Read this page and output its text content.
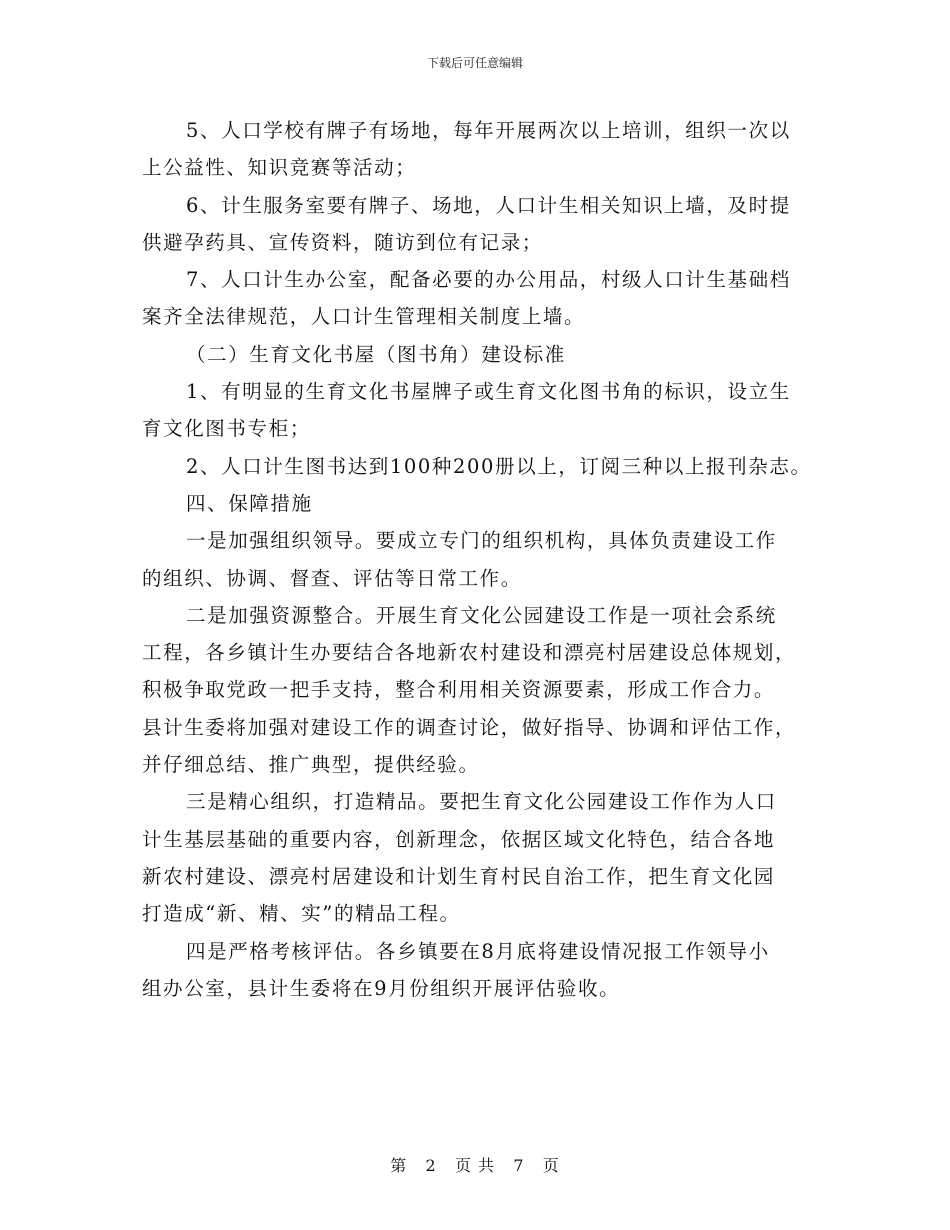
下载后可任意编辑

5、人口学校有牌子有场地，每年开展两次以上培训，组织一次以

上公益性、知识竞赛等活动；

6、计生服务室要有牌子、场地，人口计生相关知识上墙，及时提

供避孕药具、宣传资料，随访到位有记录；

7、人口计生办公室，配备必要的办公用品，村级人口计生基础档

案齐全法律规范，人口计生管理相关制度上墙。

（二）生育文化书屋（图书角）建设标准

1、有明显的生育文化书屋牌子或生育文化图书角的标识，设立生

育文化图书专柜；

2、人口计生图书达到100种200册以上，订阅三种以上报刊杂志。

四、保障措施

一是加强组织领导。要成立专门的组织机构，具体负责建设工作

的组织、协调、督查、评估等日常工作。

二是加强资源整合。开展生育文化公园建设工作是一项社会系统

工程，各乡镇计生办要结合各地新农村建设和漂亮村居建设总体规划，

积极争取党政一把手支持，整合利用相关资源要素，形成工作合力。

县计生委将加强对建设工作的调查讨论，做好指导、协调和评估工作，

并仔细总结、推广典型，提供经验。

三是精心组织，打造精品。要把生育文化公园建设工作作为人口

计生基层基础的重要内容，创新理念，依据区域文化特色，结合各地

新农村建设、漂亮村居建设和计划生育村民自治工作，把生育文化园

打造成“新、精、实”的精品工程。

四是严格考核评估。各乡镇要在8月底将建设情况报工作领导小

组办公室，县计生委将在9月份组织开展评估验收。

第 2 页 共 7 页
